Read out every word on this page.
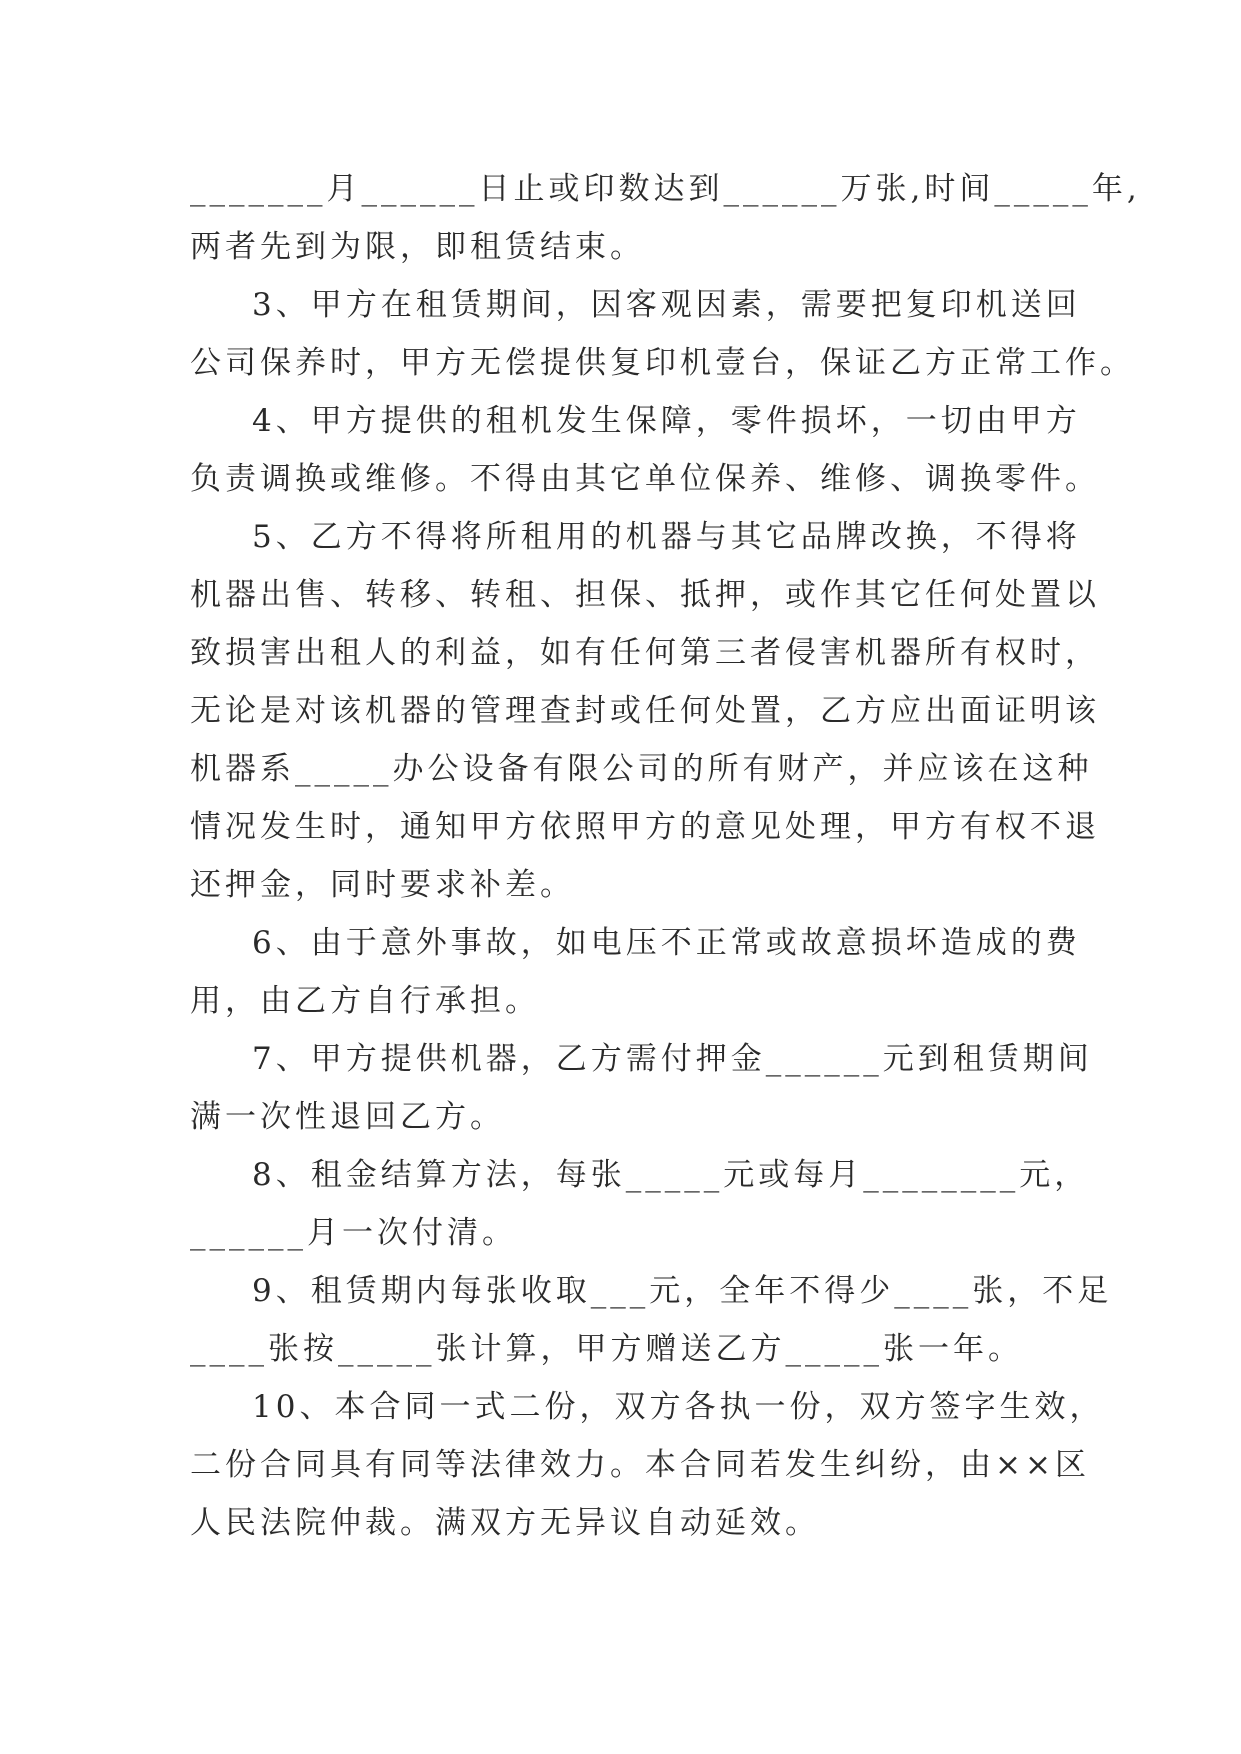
_______月______日止或印数达到______万张,时间_____年,
两者先到为限，即租赁结束。
3、甲方在租赁期间，因客观因素，需要把复印机送回
公司保养时，甲方无偿提供复印机壹台，保证乙方正常工作。
4、甲方提供的租机发生保障，零件损坏，一切由甲方
负责调换或维修。不得由其它单位保养、维修、调换零件。
5、乙方不得将所租用的机器与其它品牌改换，不得将
机器出售、转移、转租、担保、抵押，或作其它任何处置以
致损害出租人的利益，如有任何第三者侵害机器所有权时，
无论是对该机器的管理查封或任何处置，乙方应出面证明该
机器系_____办公设备有限公司的所有财产，并应该在这种
情况发生时，通知甲方依照甲方的意见处理，甲方有权不退
还押金，同时要求补差。
6、由于意外事故，如电压不正常或故意损坏造成的费
用，由乙方自行承担。
7、甲方提供机器，乙方需付押金______元到租赁期间
满一次性退回乙方。
8、租金结算方法，每张_____元或每月________元，
______月一次付清。
9、租赁期内每张收取___元，全年不得少____张，不足
____张按_____张计算，甲方赠送乙方_____张一年。
10、本合同一式二份，双方各执一份，双方签字生效，
二份合同具有同等法律效力。本合同若发生纠纷，由××区
人民法院仲裁。满双方无异议自动延效。
